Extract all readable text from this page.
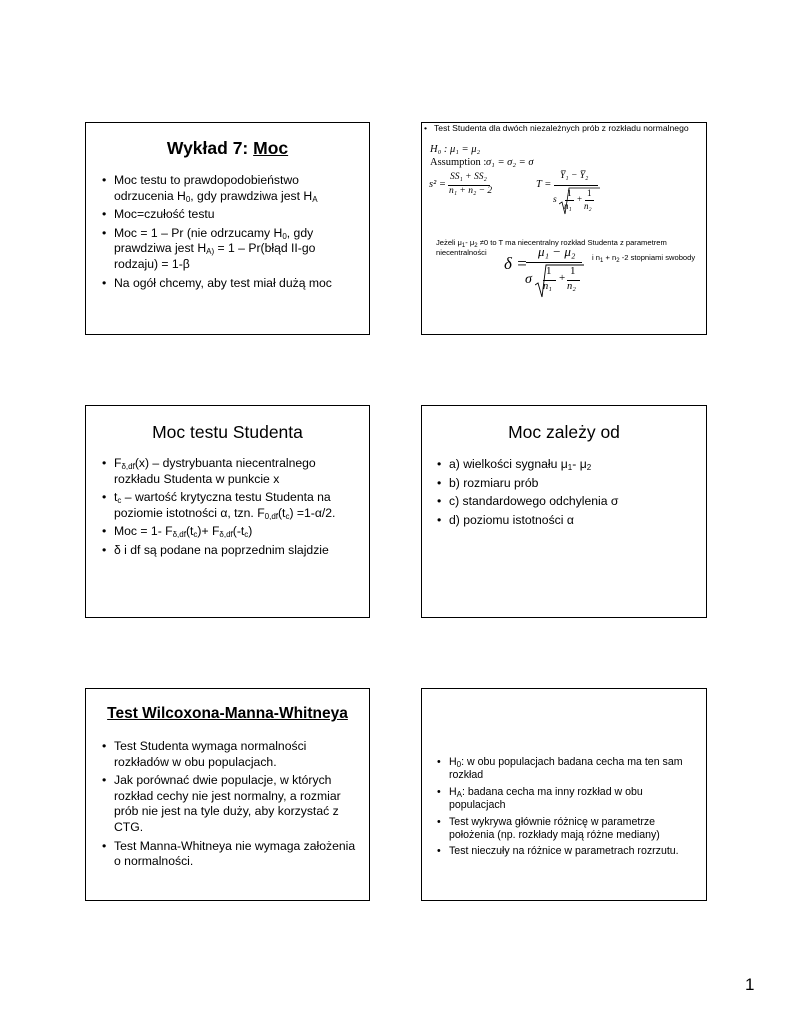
Wykład 7: Moc
• Moc testu to prawdopodobieństwo odrzucenia $H_0$, gdy prawdziwa jest $H_A$
• Moc=czułość testu
• Moc = 1 – Pr (nie odrzucamy $H_0$, gdy prawdziwa jest $H_{A)} = 1$ – Pr(błąd II-go rodzaju) = 1-β
• Na ogół chcemy, aby test miał dużą moc
• Test Studenta dla dwóch niezależnych prób z rozkładu normalnego
H₀ : μ₁ = μ₂
Assumption : σ₁ = σ₂ = σ
s² =
SS₁ + SS₂
n₁ + n₂ − 2
T =
Y̅₁ − Y̅₂
s
1
n₁
+
1
n₂
Jeżeli $\mu_1-$ $\mu_2 \ne 0$ to T ma niecentralny rozkład Studenta z parametrem niecentralności
δ =
μ₁ − μ₂
σ
1
n₁
+
1
n₂
i $n_1 + n_2$ -2 stopniami swobody
Moc testu Studenta
• $F_{\delta,df}(x)$ – dystrybuanta niecentralnego rozkładu Studenta w punkcie x
• $t_c$ – wartość krytyczna testu Studenta na poziomie istotności α, tzn. $F_{0,df}(t_c) =1-\alpha/2$.
• Moc = 1- $F_{\delta,df}(t_c)+ F_{\delta,df}(-t_c)$
• δ i df są podane na poprzednim slajdzie
Moc zależy od
• a) wielkości sygnału $\mu_1-$ $\mu_2$
• b) rozmiaru prób
• c) standardowego odchylenia σ
• d) poziomu istotności α
Test Wilcoxona-Manna-Whitneya
• Test Studenta wymaga normalności rozkładów w obu populacjach.
• Jak porównać dwie populacje, w których rozkład cechy nie jest normalny, a rozmiar prób nie jest na tyle duży, aby korzystać z CTG.
• Test Manna-Whitneya nie wymaga założenia o normalności.
• $H_0$: w obu populacjach badana cecha ma ten sam rozkład
• $H_A$: badana cecha ma inny rozkład w obu populacjach
• Test wykrywa głównie różnicę w parametrze położenia (np. rozkłady mają różne mediany)
• Test nieczuły na różnice w parametrach rozrzutu.
1
